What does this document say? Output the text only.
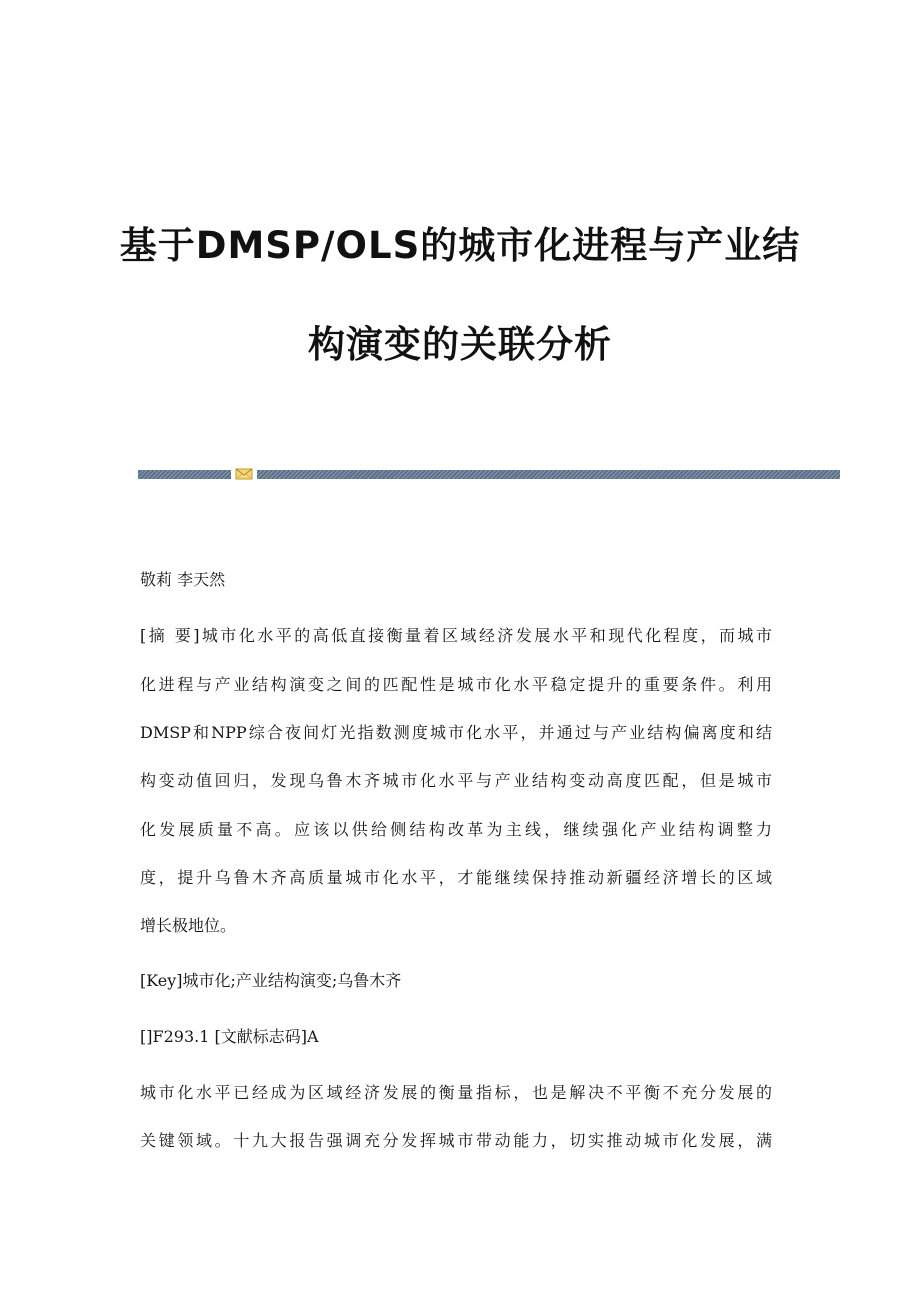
基于DMSP/OLS的城市化进程与产业结
构演变的关联分析
敬莉 李天然
[摘 要]城市化水平的高低直接衡量着区域经济发展水平和现代化程度，而城市
化进程与产业结构演变之间的匹配性是城市化水平稳定提升的重要条件。利用
DMSP和NPP综合夜间灯光指数测度城市化水平，并通过与产业结构偏离度和结
构变动值回归，发现乌鲁木齐城市化水平与产业结构变动高度匹配，但是城市
化发展质量不高。应该以供给侧结构改革为主线，继续强化产业结构调整力
度，提升乌鲁木齐高质量城市化水平，才能继续保持推动新疆经济增长的区域
增长极地位。
[Key]城市化;产业结构演变;乌鲁木齐
[]F293.1 [文献标志码]A
城市化水平已经成为区域经济发展的衡量指标，也是解决不平衡不充分发展的
关键领域。十九大报告强调充分发挥城市带动能力，切实推动城市化发展，满
